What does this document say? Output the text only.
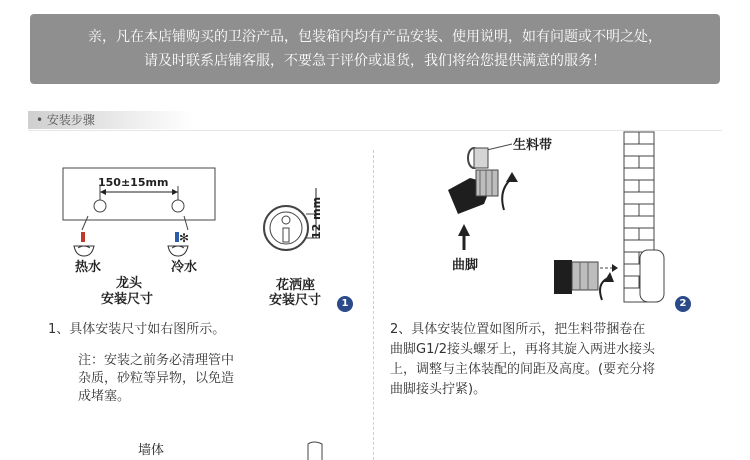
亲，凡在本店铺购买的卫浴产品，包装箱内均有产品安装、使用说明，如有问题或不明之处，
请及时联系店铺客服，不要急于评价或退货，我们将给您提供满意的服务！
• 安装步骤
150±15mm
✻
热水	冷水
龙头
安装尺寸
12 mm
花洒座
安装尺寸	1
1、具体安装尺寸如右图所示。
注：安装之前务必清理管中
杂质，砂粒等异物，以免造
成堵塞。
墙体
生料带
曲脚
2
2、具体安装位置如图所示，把生料带捆卷在
曲脚G1/2接头螺牙上，再将其旋入两进水接头
上，调整与主体装配的间距及高度。(要充分将
曲脚接头拧紧)。
